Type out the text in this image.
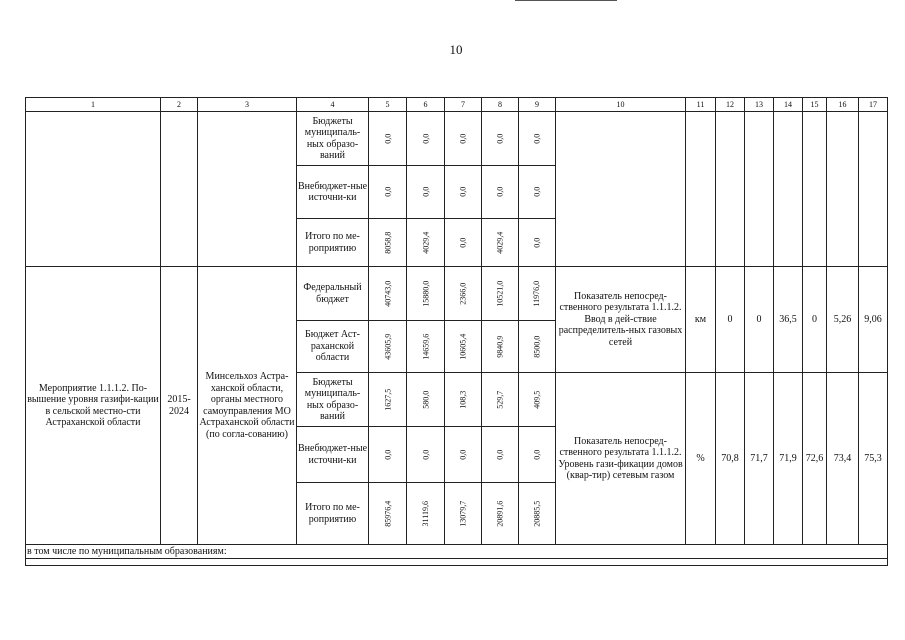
10
1	2	3	4	5	6	7	8	9	10	11	12	13	14	15	16	17
			Бюджеты муниципаль-ных образо-ваний	0,0	0,0	0,0	0,0	0,0								
			Внебюджет-ные источни-ки	0,0	0,0	0,0	0,0	0,0								
			Итого по ме-роприятию	8058,8	4029,4	0,0	4029,4	0,0								
Мероприятие 1.1.1.2. По-вышение уровня газифи-кации в сельской местно-сти Астраханской области	2015-2024	Минсельхоз Астра-ханской области, органы местного самоуправления МО Астраханской области (по согла-сованию)	Федеральный бюджет	40743,0	15880,0	2366,0	10521,0	11976,0	Показатель непосред-ственного результата 1.1.1.2. Ввод в дей-ствие распределитель-ных газовых сетей	км	0	0	36,5	0	5,26	9,06
			Бюджет Аст-раханской области	43605,9	14659,6	10605,4	9840,9	8500,0								
			Бюджеты муниципаль-ных образо-ваний	1627,5	580,0	108,3	529,7	409,5	Показатель непосред-ственного результата 1.1.1.2. Уровень гази-фикации домов (квар-тир) сетевым газом	%	70,8	71,7	71,9	72,6	73,4	75,3
			Внебюджет-ные источни-ки	0,0	0,0	0,0	0,0	0,0								
			Итого по ме-роприятию	85976,4	31119,6	13079,7	20891,6	20885,5								
в том числе по муниципальным образованиям:																
